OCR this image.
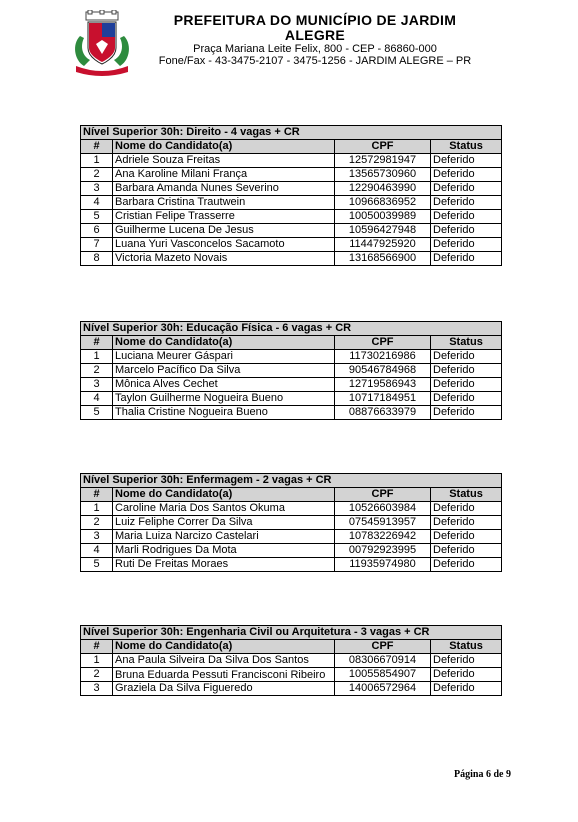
PREFEITURA DO MUNICÍPIO DE JARDIM
ALEGRE
Praça Mariana Leite Felix, 800 - CEP - 86860-000
Fone/Fax - 43-3475-2107 - 3475-1256 - JARDIM ALEGRE – PR
Nível Superior 30h: Direito - 4 vagas + CR			
#	Nome do Candidato(a)	CPF	Status
1	Adriele Souza Freitas	12572981947	Deferido
2	Ana Karoline Milani França	13565730960	Deferido
3	Barbara Amanda Nunes Severino	12290463990	Deferido
4	Barbara Cristina Trautwein	10966836952	Deferido
5	Cristian Felipe Trasserre	10050039989	Deferido
6	Guilherme Lucena De Jesus	10596427948	Deferido
7	Luana Yuri Vasconcelos Sacamoto	11447925920	Deferido
8	Victoria Mazeto Novais	13168566900	Deferido
Nível Superior 30h: Educação Física - 6 vagas + CR			
#	Nome do Candidato(a)	CPF	Status
1	Luciana Meurer Gáspari	11730216986	Deferido
2	Marcelo Pacífico Da Silva	90546784968	Deferido
3	Mônica Alves Cechet	12719586943	Deferido
4	Taylon Guilherme Nogueira Bueno	10717184951	Deferido
5	Thalia Cristine Nogueira Bueno	08876633979	Deferido
Nível Superior 30h: Enfermagem - 2 vagas + CR			
#	Nome do Candidato(a)	CPF	Status
1	Caroline Maria Dos Santos Okuma	10526603984	Deferido
2	Luiz Feliphe Correr Da Silva	07545913957	Deferido
3	Maria Luiza Narcizo Castelari	10783226942	Deferido
4	Marli Rodrigues Da Mota	00792923995	Deferido
5	Ruti De Freitas Moraes	11935974980	Deferido
Nível Superior 30h: Engenharia Civil ou Arquitetura - 3 vagas + CR			
#	Nome do Candidato(a)	CPF	Status
1	Ana Paula Silveira Da Silva Dos Santos	08306670914	Deferido
2	Bruna Eduarda Pessuti Francisconi Ribeiro	10055854907	Deferido
3	Graziela Da Silva Figueredo	14006572964	Deferido
Página 6 de 9
